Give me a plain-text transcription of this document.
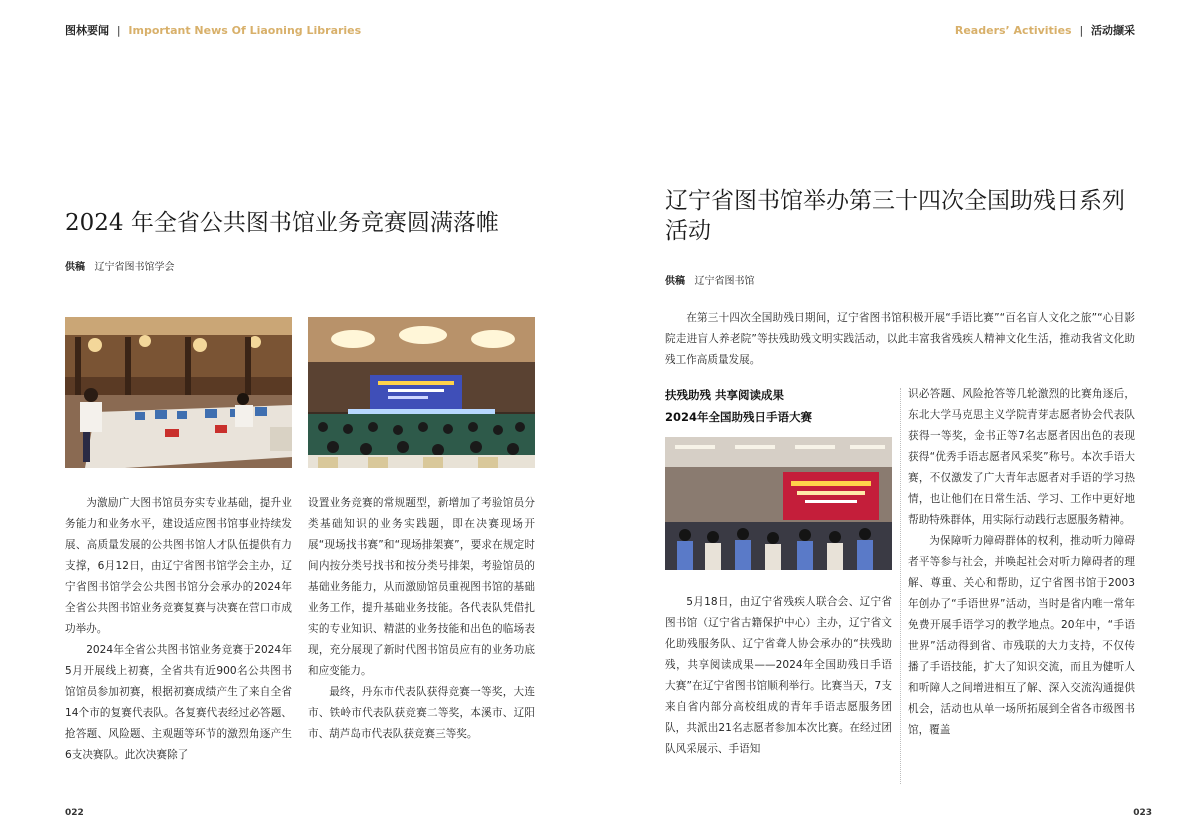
图林要闻 | Important News Of Liaoning Libraries
2024 年全省公共图书馆业务竞赛圆满落帷
供稿 辽宁省图书馆学会

为激励广大图书馆员夯实专业基础，提升业务能力和业务水平，建设适应图书馆事业持续发展、高质量发展的公共图书馆人才队伍提供有力支撑，6月12日，由辽宁省图书馆学会主办，辽宁省图书馆学会公共图书馆分会承办的2024年全省公共图书馆业务竞赛复赛与决赛在营口市成功举办。

2024年全省公共图书馆业务竞赛于2024年5月开展线上初赛，全省共有近900名公共图书馆馆员参加初赛，根据初赛成绩产生了来自全省14个市的复赛代表队。各复赛代表经过必答题、抢答题、风险题、主观题等环节的激烈角逐产生6支决赛队。此次决赛除了

设置业务竞赛的常规题型，新增加了考验馆员分类基础知识的业务实践题，即在决赛现场开展“现场找书赛”和“现场排架赛”，要求在规定时间内按分类号找书和按分类号排架，考验馆员的基础业务能力，从而激励馆员重视图书馆的基础业务工作，提升基础业务技能。各代表队凭借扎实的专业知识、精湛的业务技能和出色的临场表现，充分展现了新时代图书馆员应有的业务功底和应变能力。

最终，丹东市代表队获得竞赛一等奖，大连市、铁岭市代表队获竞赛二等奖，本溪市、辽阳市、葫芦岛市代表队获竞赛三等奖。

022
Readers’ Activities | 活动撷采
辽宁省图书馆举办第三十四次全国助残日系列活动
供稿 辽宁省图书馆

在第三十四次全国助残日期间，辽宁省图书馆积极开展“手语比赛”“百名盲人文化之旅”“心目影院走进盲人养老院”等扶残助残文明实践活动，以此丰富我省残疾人精神文化生活，推动我省文化助残工作高质量发展。

扶残助残 共享阅读成果
2024年全国助残日手语大赛

5月18日，由辽宁省残疾人联合会、辽宁省图书馆（辽宁省古籍保护中心）主办，辽宁省文化助残服务队、辽宁省聋人协会承办的“扶残助残，共享阅读成果——2024年全国助残日手语大赛”在辽宁省图书馆顺利举行。比赛当天，7支来自省内部分高校组成的青年手语志愿服务团队，共派出21名志愿者参加本次比赛。在经过团队风采展示、手语知

识必答题、风险抢答等几轮激烈的比赛角逐后，东北大学马克思主义学院青芽志愿者协会代表队获得一等奖，金书正等7名志愿者因出色的表现获得“优秀手语志愿者风采奖”称号。本次手语大赛，不仅激发了广大青年志愿者对手语的学习热情，也让他们在日常生活、学习、工作中更好地帮助特殊群体，用实际行动践行志愿服务精神。

为保障听力障碍群体的权利，推动听力障碍者平等参与社会，并唤起社会对听力障碍者的理解、尊重、关心和帮助，辽宁省图书馆于2003年创办了“手语世界”活动，当时是省内唯一常年免费开展手语学习的教学地点。20年中，“手语世界”活动得到省、市残联的大力支持，不仅传播了手语技能，扩大了知识交流，而且为健听人和听障人之间增进相互了解、深入交流沟通提供机会，活动也从单一场所拓展到全省各市级图书馆，覆盖

023
